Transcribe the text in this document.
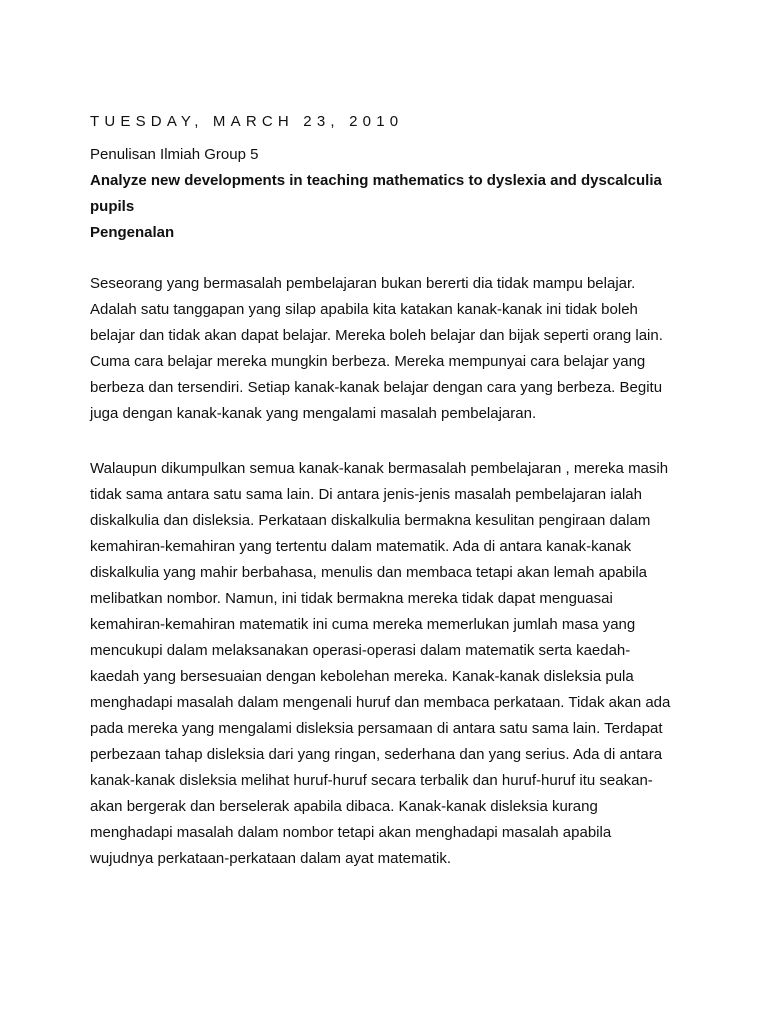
TUESDAY, MARCH 23, 2010
Penulisan Ilmiah Group 5
Analyze new developments in teaching mathematics to dyslexia and dyscalculia
pupils
Pengenalan
Seseorang yang bermasalah pembelajaran bukan bererti dia tidak mampu belajar.
Adalah satu tanggapan yang silap apabila kita katakan kanak-kanak ini tidak boleh
belajar dan tidak akan dapat belajar. Mereka boleh belajar dan bijak seperti orang lain.
Cuma cara belajar mereka mungkin berbeza. Mereka mempunyai cara belajar yang
berbeza dan tersendiri. Setiap kanak-kanak belajar dengan cara yang berbeza. Begitu
juga dengan kanak-kanak yang mengalami masalah pembelajaran.
Walaupun dikumpulkan semua kanak-kanak bermasalah pembelajaran , mereka masih
tidak sama antara satu sama lain. Di antara jenis-jenis masalah pembelajaran ialah
diskalkulia dan disleksia. Perkataan diskalkulia bermakna kesulitan pengiraan dalam
kemahiran-kemahiran yang tertentu dalam matematik. Ada di antara kanak-kanak
diskalkulia yang mahir berbahasa, menulis dan membaca tetapi akan lemah apabila
melibatkan nombor. Namun, ini tidak bermakna mereka tidak dapat menguasai
kemahiran-kemahiran matematik ini cuma mereka memerlukan jumlah masa yang
mencukupi dalam melaksanakan operasi-operasi dalam matematik serta kaedah-
kaedah yang bersesuaian dengan kebolehan mereka. Kanak-kanak disleksia pula
menghadapi masalah dalam mengenali huruf dan membaca perkataan. Tidak akan ada
pada mereka yang mengalami disleksia persamaan di antara satu sama lain. Terdapat
perbezaan tahap disleksia dari yang ringan, sederhana dan yang serius. Ada di antara
kanak-kanak disleksia melihat huruf-huruf secara terbalik dan huruf-huruf itu seakan-
akan bergerak dan berselerak apabila dibaca. Kanak-kanak disleksia kurang
menghadapi masalah dalam nombor tetapi akan menghadapi masalah apabila
wujudnya perkataan-perkataan dalam ayat matematik.
